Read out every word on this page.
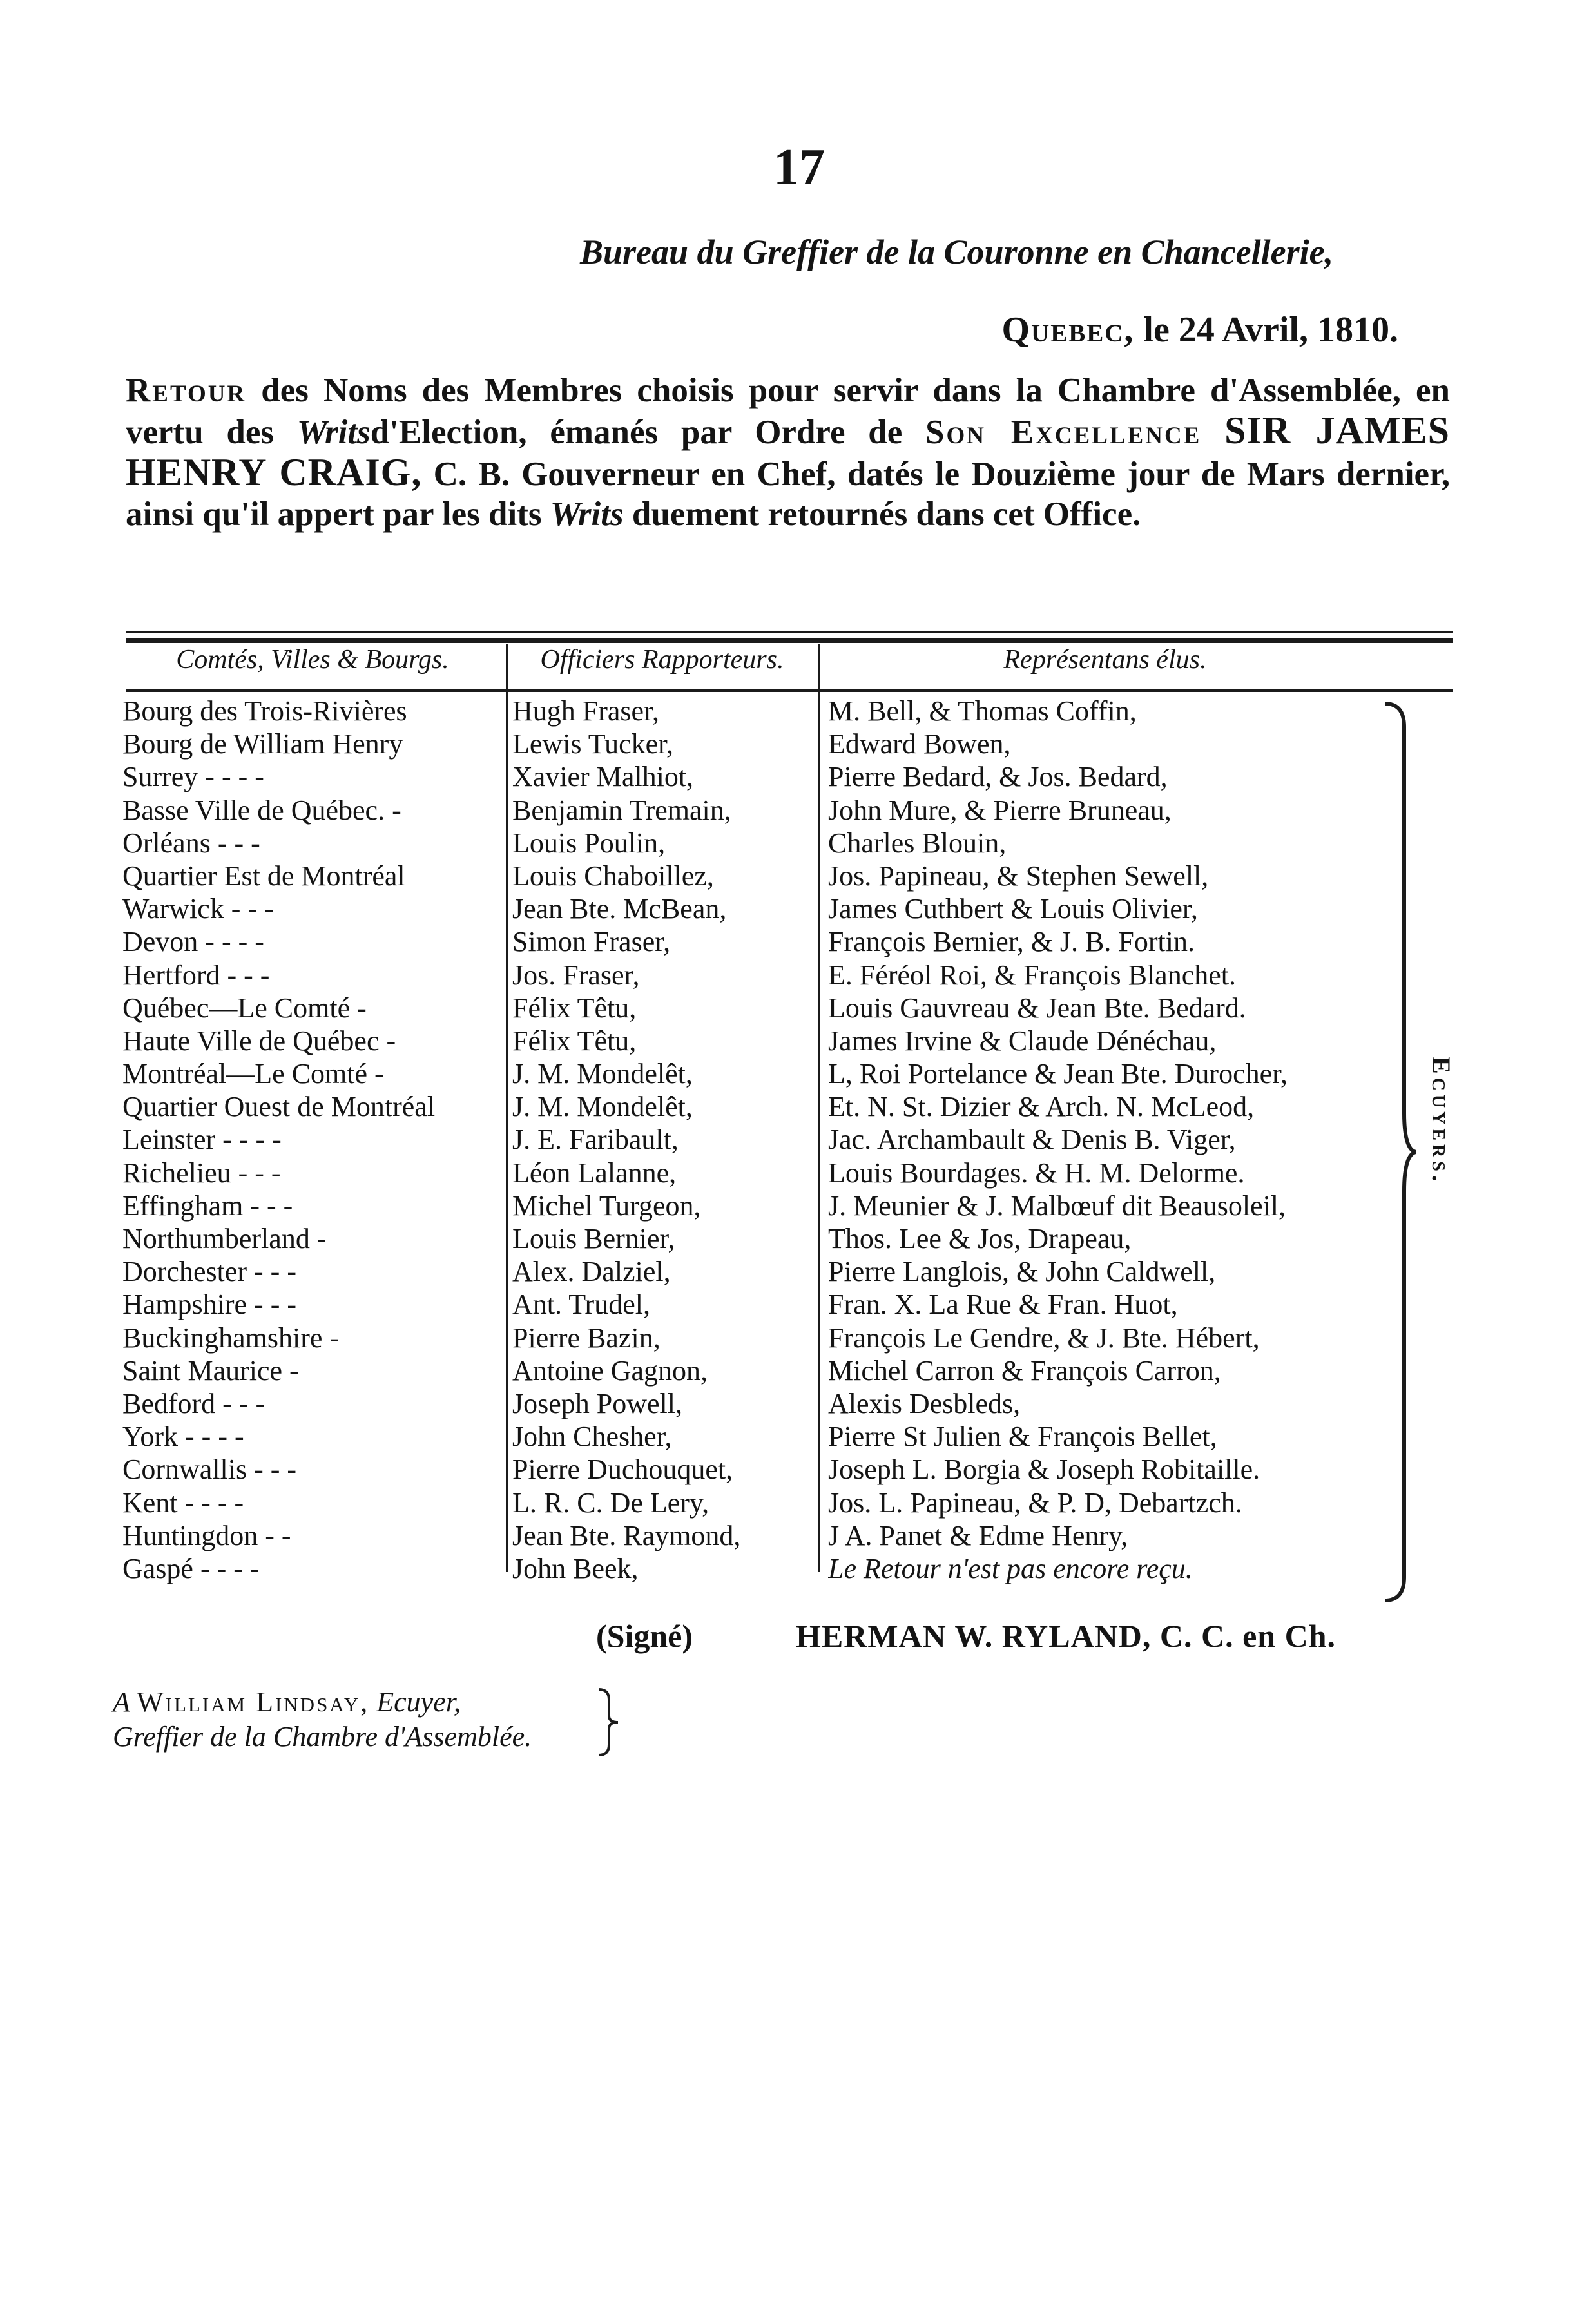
17
Bureau du Greffier de la Couronne en Chancellerie,
Quebec, le 24 Avril, 1810.
Retour des Noms des Membres choisis pour servir dans la Chambre d'Assemblée, en vertu des Writsd'Election, émanés par Ordre de Son Excellence SIR JAMES HENRY CRAIG, C. B. Gouverneur en Chef, datés le Douzième jour de Mars dernier, ainsi qu'il appert par les dits Writs duement retournés dans cet Office.
Comtés, Villes & Bourgs.	Officiers Rapporteurs.	Représentans élus.
Bourg des Trois-Rivières	Hugh Fraser,	M. Bell, & Thomas Coffin,
Bourg de William Henry	Lewis Tucker,	Edward Bowen,
Surrey - - - -	Xavier Malhiot,	Pierre Bedard, & Jos. Bedard,
Basse Ville de Québec. -	Benjamin Tremain,	John Mure, & Pierre Bruneau,
Orléans - - -	Louis Poulin,	Charles Blouin,
Quartier Est de Montréal	Louis Chaboillez,	Jos. Papineau, & Stephen Sewell,
Warwick - - -	Jean Bte. McBean,	James Cuthbert & Louis Olivier,
Devon - - - -	Simon Fraser,	François Bernier, & J. B. Fortin.
Hertford - - -	Jos. Fraser,	E. Féréol Roi, & François Blanchet.
Québec—Le Comté -	Félix Têtu,	Louis Gauvreau & Jean Bte. Bedard.
Haute Ville de Québec -	Félix Têtu,	James Irvine & Claude Dénéchau,
Montréal—Le Comté -	J. M. Mondelêt,	L, Roi Portelance & Jean Bte. Durocher,
Quartier Ouest de Montréal	J. M. Mondelêt,	Et. N. St. Dizier & Arch. N. McLeod,
Leinster - - - -	J. E. Faribault,	Jac. Archambault & Denis B. Viger,
Richelieu - - -	Léon Lalanne,	Louis Bourdages. & H. M. Delorme.
Effingham - - -	Michel Turgeon,	J. Meunier & J. Malbœuf dit Beausoleil,
Northumberland -	Louis Bernier,	Thos. Lee & Jos, Drapeau,
Dorchester - - -	Alex. Dalziel,	Pierre Langlois, & John Caldwell,
Hampshire - - -	Ant. Trudel,	Fran. X. La Rue & Fran. Huot,
Buckinghamshire -	Pierre Bazin,	François Le Gendre, & J. Bte. Hébert,
Saint Maurice -	Antoine Gagnon,	Michel Carron & François Carron,
Bedford - - -	Joseph Powell,	Alexis Desbleds,
York - - - -	John Chesher,	Pierre St Julien & François Bellet,
Cornwallis - - -	Pierre Duchouquet,	Joseph L. Borgia & Joseph Robitaille.
Kent - - - -	L. R. C. De Lery,	Jos. L. Papineau, & P. D, Debartzch.
Huntingdon - -	Jean Bte. Raymond,	J A. Panet & Edme Henry,
Gaspé - - - -	John Beek,	Le Retour n'est pas encore reçu.
Ecuyers.
(Signé)	HERMAN W. RYLAND, C. C. en Ch.
A William Lindsay, Ecuyer,
Greffier de la Chambre d'Assemblée.
